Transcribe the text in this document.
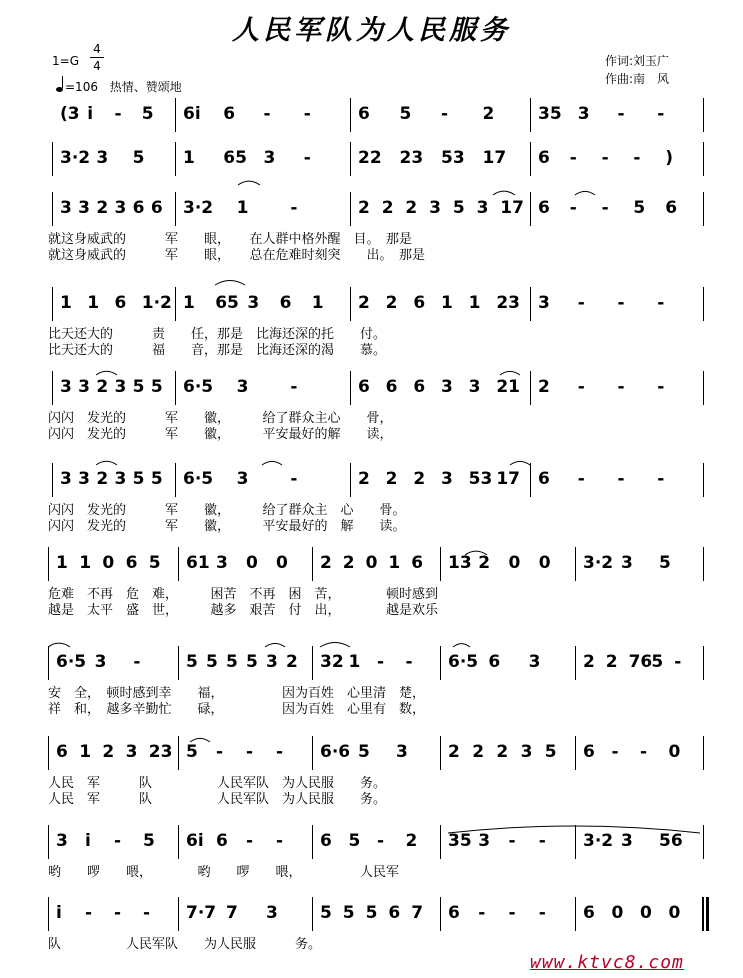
人民军队为人民服务
4
4
1=G
=106 热情、赞颂地
作词:刘玉广
作曲:南　风
(3 i - 5 6i 6 - -	6 5 - 2	35 3 - -
3·2 3 5 1 65 3 -	22 23 53 17 6 - - - )
3 3 2 3 6 6 3·2 1 -	2 2 2 3 5 3 17 6 - - 5 6
就这身威武的　　　军　　眼，　　在人群中格外醒　目。　那是
就这身威武的　　　军　　眼，　　总在危难时刻突　　出。　那是
1 1 6 1·2 1 65 3 6 1 2 2 6 1 1 23 3 - - -
比天还大的　　　责　　任，那是　比海还深的托　　付。
比天还大的　　　福　　音，那是　比海还深的渴　　慕。
3 3 2 3 5 5 6·5 3 -	6 6 6 3 3 21 2 - - -
闪闪　发光的　　　军　　徽，　　　给了群众主心　　骨，
闪闪　发光的　　　军　　徽，　　　平安最好的解　　读，
3 3 2 3 5 5 6·5 3 -	2 2 2 3 53 17 6 - - -
闪闪　发光的　　　军　　徽，　　　给了群众主　心　　骨。
闪闪　发光的　　　军　　徽，　　　平安最好的　解　　读。
1 1 0 6 5 61 3 0 0 2 2 0 1 6 13 2 0 0 3·2 3 5
危难　不再　危　难，　　　困苦　不再　困　苦，　　　　顿时感到
越是　太平　盛　世，　　　越多　艰苦　付　出，　　　　越是欢乐
6·5 3 -	5 5 5 5 3 2 32 1 - - 6·5 6 3	2 2 76 5 -
安　全，　顿时感到幸　　福，　　　　　因为百姓　心里清　楚，
祥　和，　越多辛勤忙　　碌，　　　　　因为百姓　心里有　数，
6 1 2 3 23 5 - - - 6·6 5 3 2 2 2 3 5 6 - - 0
人民　军　　　队　　　　　人民军队　为人民服　　务。
人民　军　　　队　　　　　人民军队　为人民服　　务。
3 i - 5 6i 6 - - 6 5 - 2 35 3 - - 3·2 3 56
哟　　啰　　喂，　　　　哟　　啰　　喂，　　　　　人民军
i - - - 7·7 7 3 5 5 5 6 7 6 - - - 6 0 0 0
队　　　　　人民军队　　为人民服　　　务。
www.ktvc8.com
